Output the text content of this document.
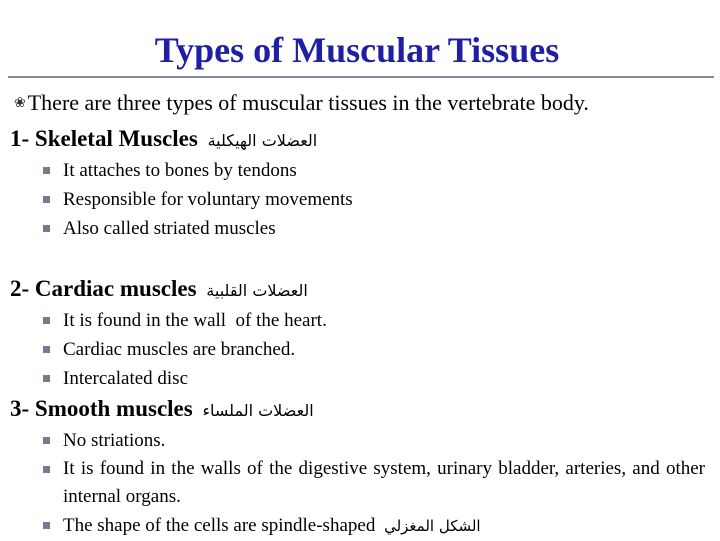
Types of Muscular Tissues
❀There are three types of muscular tissues in the vertebrate body.
1- Skeletal Muscles العضلات الهيكلية
It attaches to bones by tendons
Responsible for voluntary movements
Also called striated muscles
2- Cardiac muscles العضلات القلبية
It is found in the wall  of the heart.
Cardiac muscles are branched.
Intercalated disc
3- Smooth muscles العضلات الملساء
No striations.
It is found in the walls of the digestive system, urinary bladder, arteries, and other internal organs.
The shape of the cells are spindle-shaped الشكل المغزلي
